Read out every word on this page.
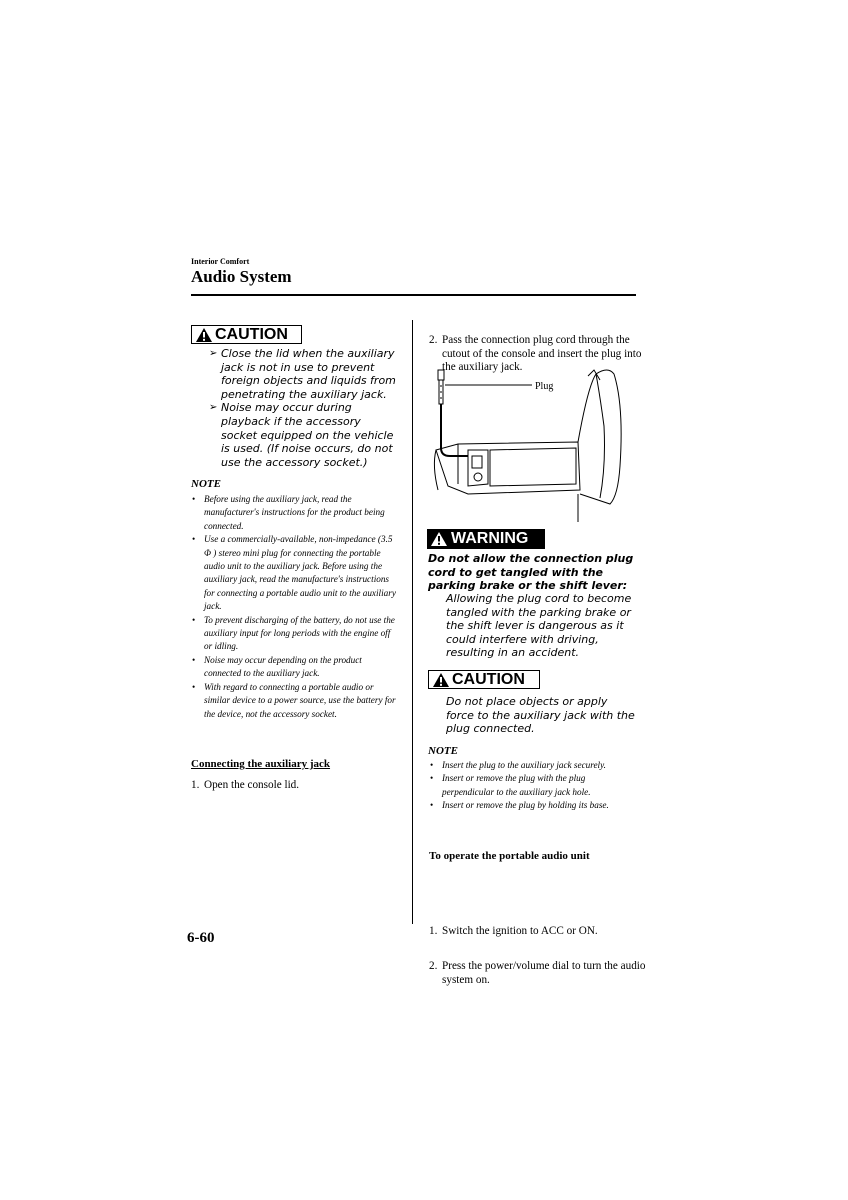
Interior Comfort
Audio System
CAUTION
➢ Close the lid when the auxiliary jack is not in use to prevent foreign objects and liquids from penetrating the auxiliary jack.
➢ Noise may occur during playback if the accessory socket equipped on the vehicle is used. (If noise occurs, do not use the accessory socket.)
NOTE
• Before using the auxiliary jack, read the manufacturer's instructions for the product being connected.
• Use a commercially-available, non-impedance (3.5 Φ ) stereo mini plug for connecting the portable audio unit to the auxiliary jack. Before using the auxiliary jack, read the manufacture's instructions for connecting a portable audio unit to the auxiliary jack.
• To prevent discharging of the battery, do not use the auxiliary input for long periods with the engine off or idling.
• Noise may occur depending on the product connected to the auxiliary jack.
• With regard to connecting a portable audio or similar device to a power source, use the battery for the device, not the accessory socket.
Connecting the auxiliary jack
1. Open the console lid.
2. Pass the connection plug cord through the cutout of the console and insert the plug into the auxiliary jack.
Plug
WARNING
Do not allow the connection plug cord to get tangled with the parking brake or the shift lever:
Allowing the plug cord to become tangled with the parking brake or the shift lever is dangerous as it could interfere with driving, resulting in an accident.
CAUTION
Do not place objects or apply force to the auxiliary jack with the plug connected.
NOTE
• Insert the plug to the auxiliary jack securely.
• Insert or remove the plug with the plug perpendicular to the auxiliary jack hole.
• Insert or remove the plug by holding its base.
To operate the portable audio unit
1. Switch the ignition to ACC or ON.
2. Press the power/volume dial to turn the audio system on.
6-60
